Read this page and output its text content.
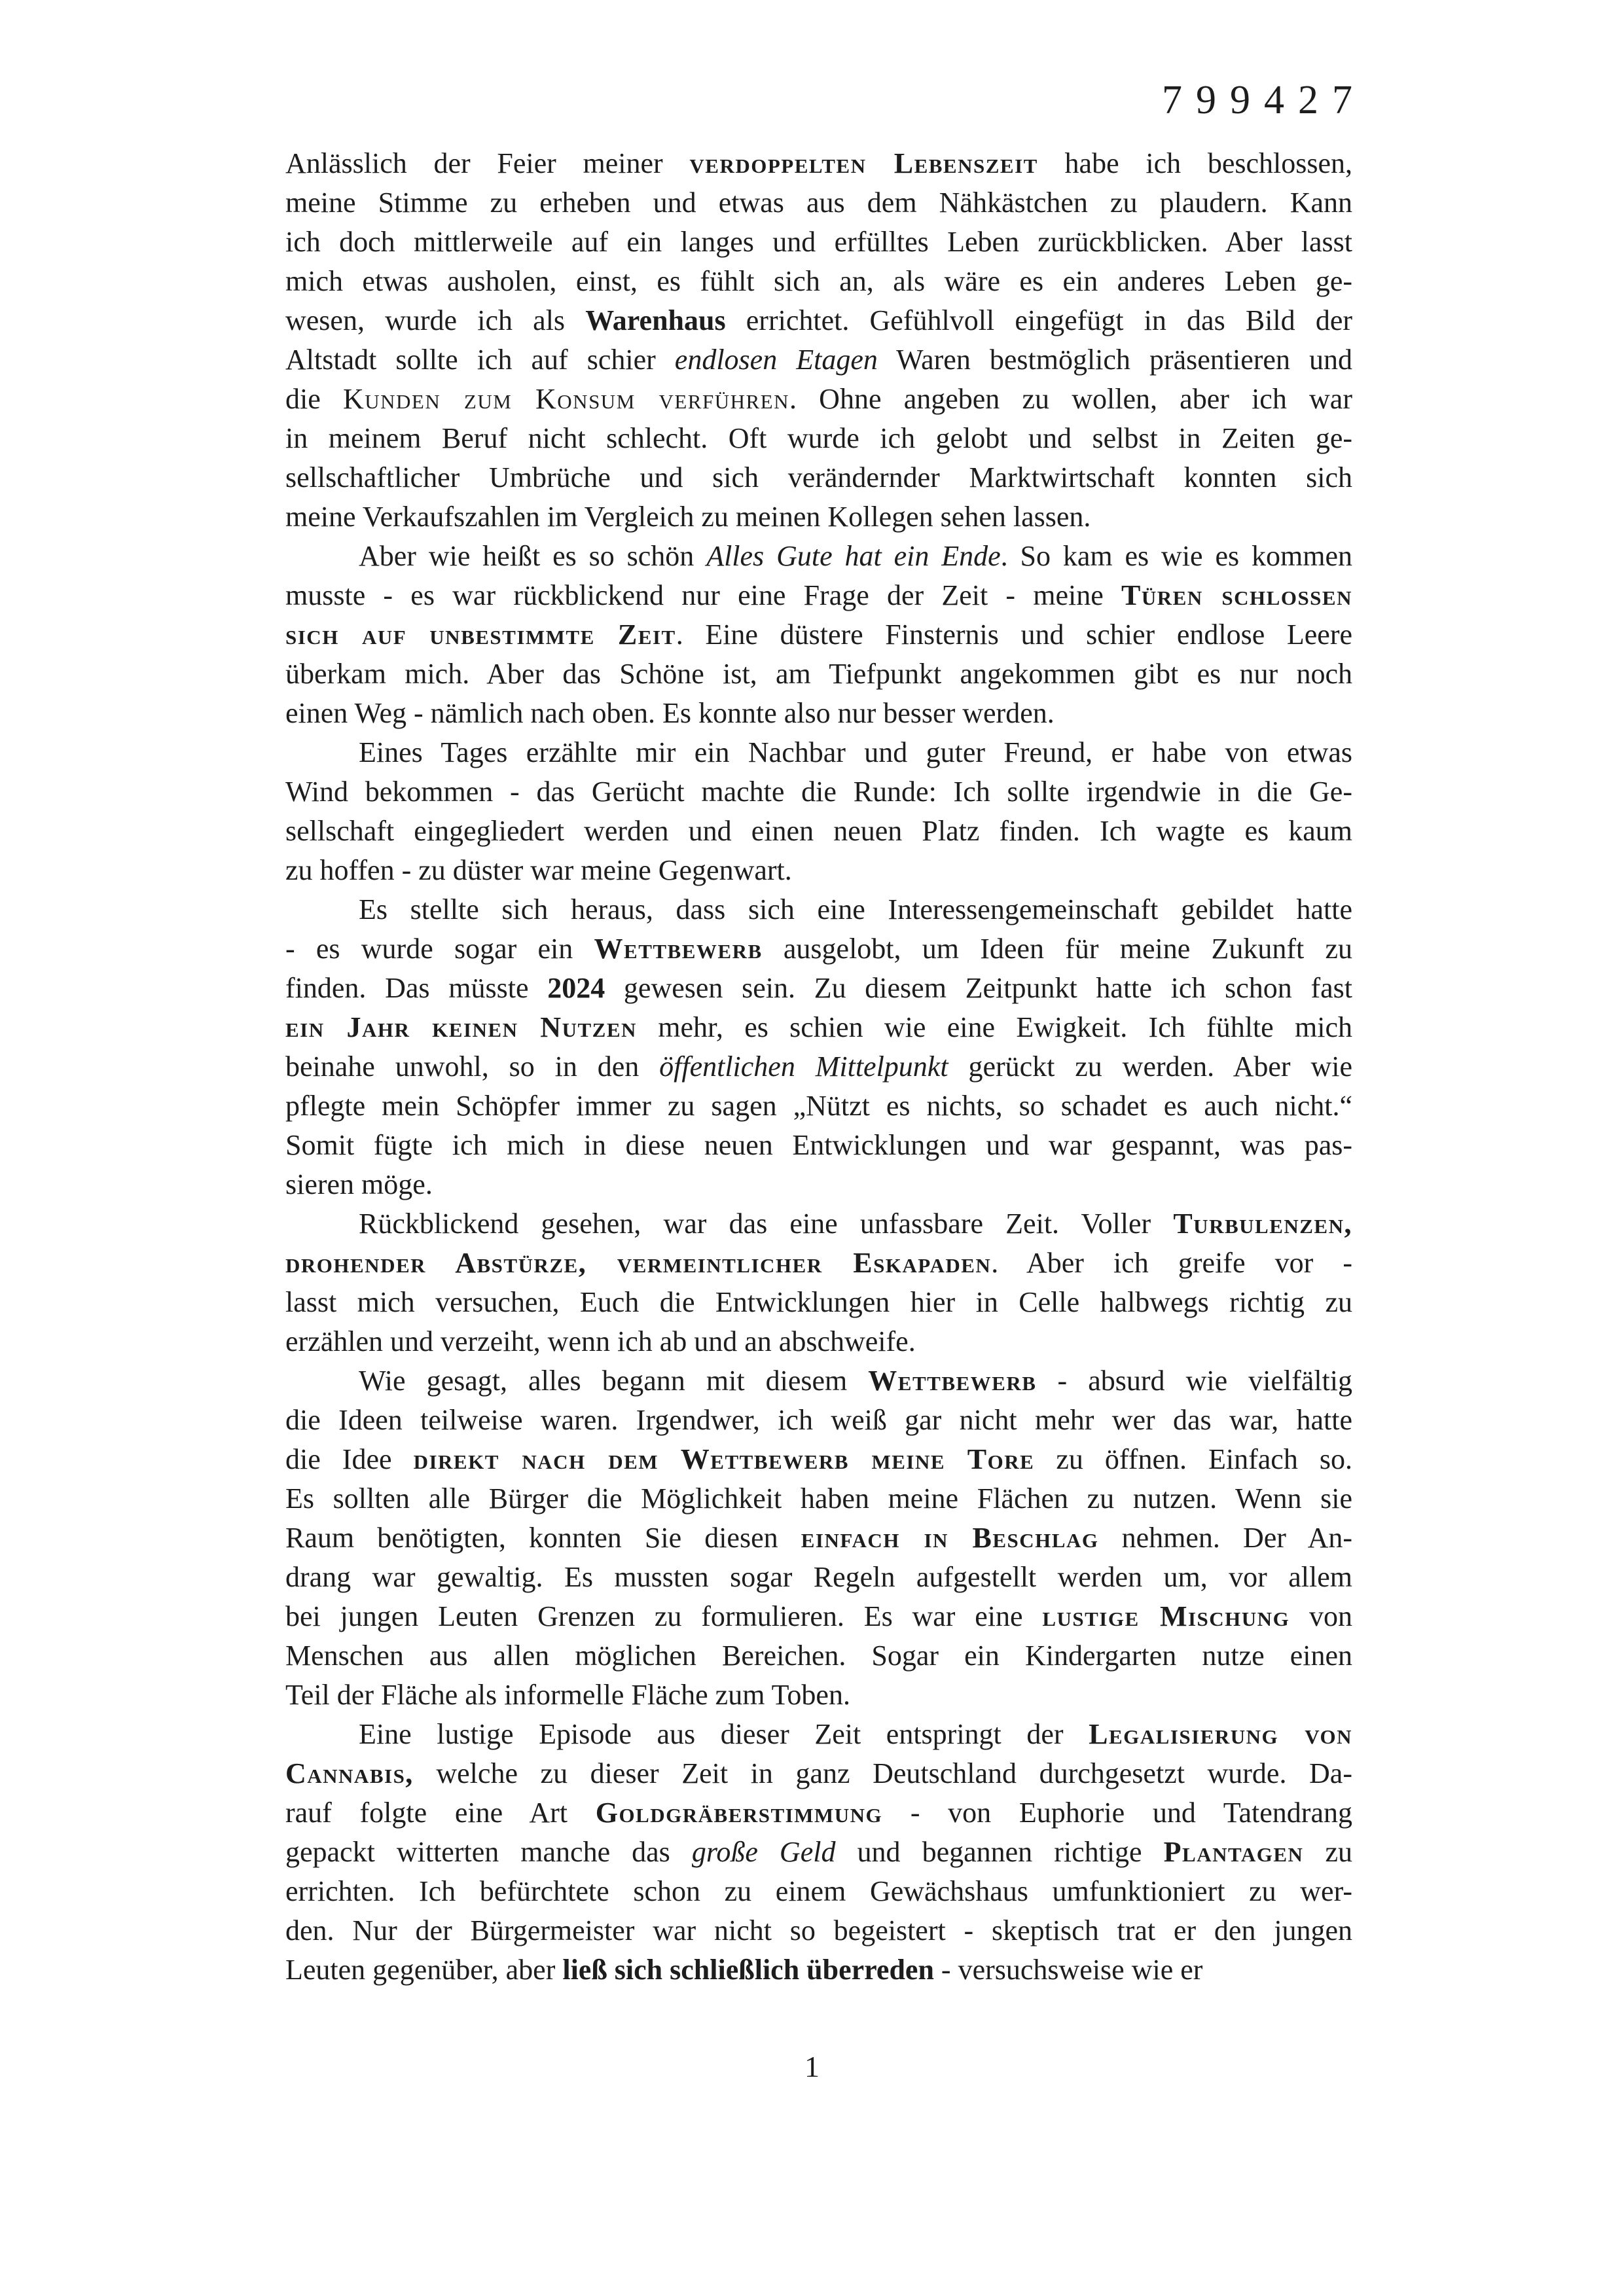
799427
Anlässlich der Feier meiner verdoppelten Lebenszeit habe ich beschlossen,
meine Stimme zu erheben und etwas aus dem Nähkästchen zu plaudern. Kann
ich doch mittlerweile auf ein langes und erfülltes Leben zurückblicken. Aber lasst
mich etwas ausholen, einst, es fühlt sich an, als wäre es ein anderes Leben ge-
wesen, wurde ich als Warenhaus errichtet. Gefühlvoll eingefügt in das Bild der
Altstadt sollte ich auf schier endlosen Etagen Waren bestmöglich präsentieren und
die Kunden zum Konsum verführen. Ohne angeben zu wollen, aber ich war
in meinem Beruf nicht schlecht. Oft wurde ich gelobt und selbst in Zeiten ge-
sellschaftlicher Umbrüche und sich verändernder Marktwirtschaft konnten sich
meine Verkaufszahlen im Vergleich zu meinen Kollegen sehen lassen.
Aber wie heißt es so schön Alles Gute hat ein Ende. So kam es wie es kommen
musste - es war rückblickend nur eine Frage der Zeit - meine Türen schlossen
sich auf unbestimmte Zeit. Eine düstere Finsternis und schier endlose Leere
überkam mich. Aber das Schöne ist, am Tiefpunkt angekommen gibt es nur noch
einen Weg - nämlich nach oben. Es konnte also nur besser werden.
Eines Tages erzählte mir ein Nachbar und guter Freund, er habe von etwas
Wind bekommen - das Gerücht machte die Runde: Ich sollte irgendwie in die Ge-
sellschaft eingegliedert werden und einen neuen Platz finden. Ich wagte es kaum
zu hoffen - zu düster war meine Gegenwart.
Es stellte sich heraus, dass sich eine Interessengemeinschaft gebildet hatte
- es wurde sogar ein Wettbewerb ausgelobt, um Ideen für meine Zukunft zu
finden. Das müsste 2024 gewesen sein. Zu diesem Zeitpunkt hatte ich schon fast
ein Jahr keinen Nutzen mehr, es schien wie eine Ewigkeit. Ich fühlte mich
beinahe unwohl, so in den öffentlichen Mittelpunkt gerückt zu werden. Aber wie
pflegte mein Schöpfer immer zu sagen „Nützt es nichts, so schadet es auch nicht.“
Somit fügte ich mich in diese neuen Entwicklungen und war gespannt, was pas-
sieren möge.
Rückblickend gesehen, war das eine unfassbare Zeit. Voller Turbulenzen,
drohender Abstürze, vermeintlicher Eskapaden. Aber ich greife vor -
lasst mich versuchen, Euch die Entwicklungen hier in Celle halbwegs richtig zu
erzählen und verzeiht, wenn ich ab und an abschweife.
Wie gesagt, alles begann mit diesem Wettbewerb - absurd wie vielfältig
die Ideen teilweise waren. Irgendwer, ich weiß gar nicht mehr wer das war, hatte
die Idee direkt nach dem Wettbewerb meine Tore zu öffnen. Einfach so.
Es sollten alle Bürger die Möglichkeit haben meine Flächen zu nutzen. Wenn sie
Raum benötigten, konnten Sie diesen einfach in Beschlag nehmen. Der An-
drang war gewaltig. Es mussten sogar Regeln aufgestellt werden um, vor allem
bei jungen Leuten Grenzen zu formulieren. Es war eine lustige Mischung von
Menschen aus allen möglichen Bereichen. Sogar ein Kindergarten nutze einen
Teil der Fläche als informelle Fläche zum Toben.
Eine lustige Episode aus dieser Zeit entspringt der Legalisierung von
Cannabis, welche zu dieser Zeit in ganz Deutschland durchgesetzt wurde. Da-
rauf folgte eine Art Goldgräberstimmung - von Euphorie und Tatendrang
gepackt witterten manche das große Geld und begannen richtige Plantagen zu
errichten. Ich befürchtete schon zu einem Gewächshaus umfunktioniert zu wer-
den. Nur der Bürgermeister war nicht so begeistert - skeptisch trat er den jungen
Leuten gegenüber, aber ließ sich schließlich überreden - versuchsweise wie er
1
